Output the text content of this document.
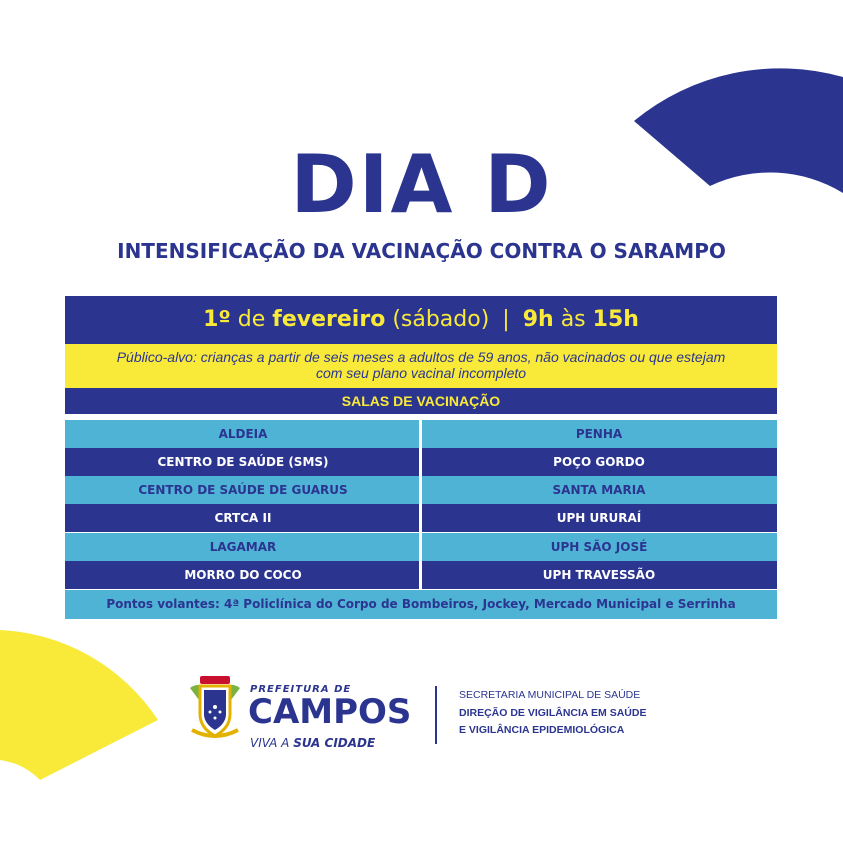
DIA D
INTENSIFICAÇÃO DA VACINAÇÃO CONTRA O SARAMPO
1º de fevereiro (sábado) | 9h às 15h
Público-alvo: crianças a partir de seis meses a adultos de 59 anos, não vacinados ou que estejam com seu plano vacinal incompleto
SALAS DE VACINAÇÃO
ALDEIA	PENHA
CENTRO DE SAÚDE (SMS)	POÇO GORDO
CENTRO DE SAÚDE DE GUARUS	SANTA MARIA
CRTCA II	UPH URURAÍ
LAGAMAR	UPH SÃO JOSÉ
MORRO DO COCO	UPH TRAVESSÃO
Pontos volantes: 4ª Policlínica do Corpo de Bombeiros, Jockey, Mercado Municipal e Serrinha
PREFEITURA DE
CAMPOS
VIVA A SUA CIDADE
SECRETARIA MUNICIPAL DE SAÚDE
DIREÇÃO DE VIGILÂNCIA EM SAÚDE
E VIGILÂNCIA EPIDEMIOLÓGICA
